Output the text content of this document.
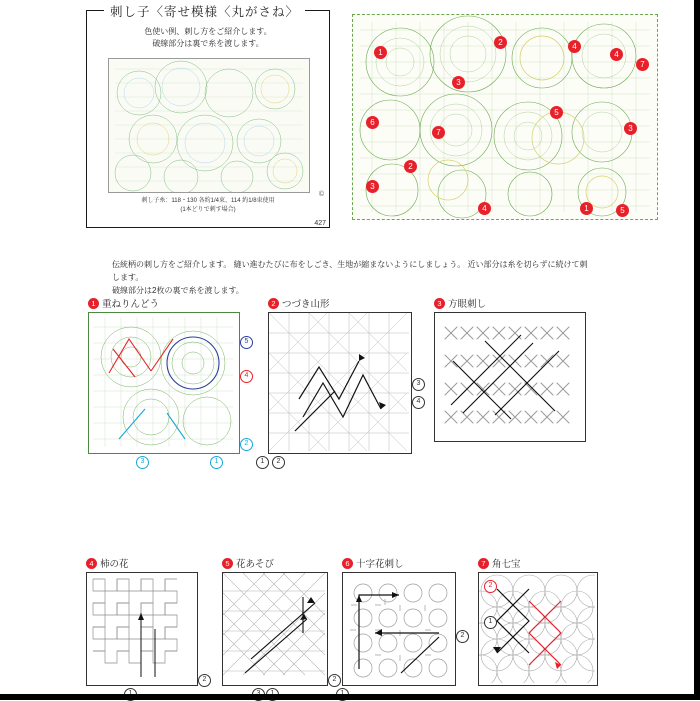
刺し子〈寄せ模様〈丸がさね〉
色使い例、刺し方をご紹介します。
破線部分は裏で糸を渡します。
©
刺し子糸：118・130 各約1/4束、114 約1/8束使用
(1本どりで刺す場合)
427
1
2
3
4
5
6
7
4
7
3
3
2
4	1	5
伝統柄の刺し方をご紹介します。 縫い進むたびに布をしごき、生地が縮まないようにしましょう。 近い部分は糸を切らずに続けて刺します。
破線部分は2枚の裏で糸を渡します。
1 重ねりんどう
3	1
2
4
5
2 つづき山形
1	2
3
4
3 方眼刺し
4 柿の花
2
5 花あそび
2
6 十字花刺し
2
7 角七宝
2
1
